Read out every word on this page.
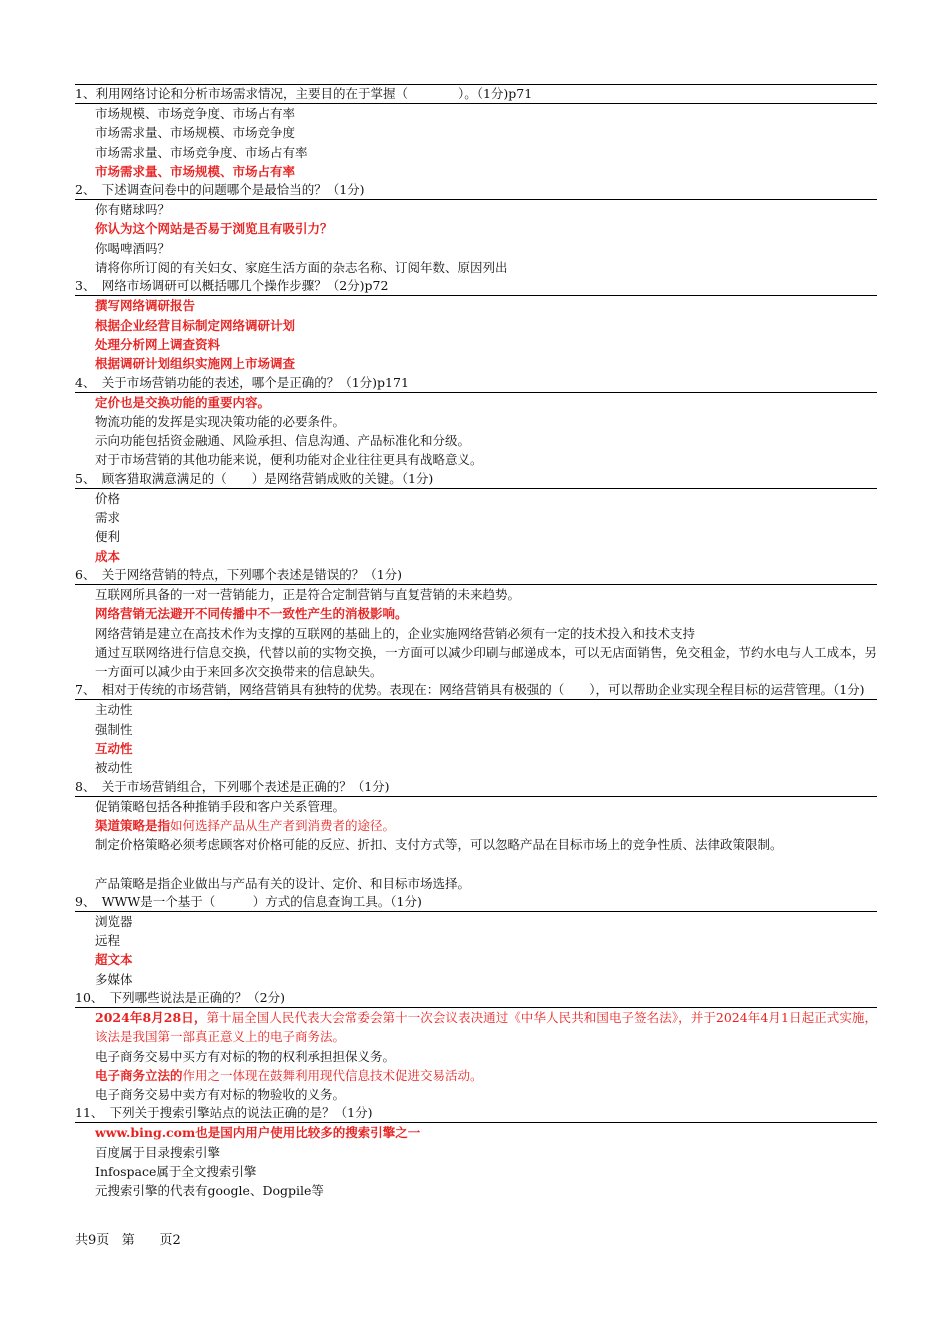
1、利用网络讨论和分析市场需求情况，主要目的在于掌握（　　　　）。（1分)p71
市场规模、市场竞争度、市场占有率
市场需求量、市场规模、市场竞争度
市场需求量、市场竞争度、市场占有率
市场需求量、市场规模、市场占有率
2、　下述调查问卷中的问题哪个是最恰当的？（1分)
你有赌球吗？
你认为这个网站是否易于浏览且有吸引力？
你喝啤酒吗？
请将你所订阅的有关妇女、家庭生活方面的杂志名称、订阅年数、原因列出
3、　网络市场调研可以概括哪几个操作步骤？（2分)p72
撰写网络调研报告
根据企业经营目标制定网络调研计划
处理分析网上调查资料
根据调研计划组织实施网上市场调查
4、　关于市场营销功能的表述，哪个是正确的？（1分)p171
定价也是交换功能的重要内容。
物流功能的发挥是实现决策功能的必要条件。
示向功能包括资金融通、风险承担、信息沟通、产品标准化和分级。
对于市场营销的其他功能来说，便利功能对企业往往更具有战略意义。
5、　顾客猎取满意满足的（　　）是网络营销成败的关键。（1分)
价格
需求
便利
成本
6、　关于网络营销的特点，下列哪个表述是错误的？（1分)
互联网所具备的一对一营销能力，正是符合定制营销与直复营销的未来趋势。
网络营销无法避开不同传播中不一致性产生的消极影响。
网络营销是建立在高技术作为支撑的互联网的基础上的，企业实施网络营销必须有一定的技术投入和技术支持
通过互联网络进行信息交换，代替以前的实物交换，一方面可以减少印刷与邮递成本，可以无店面销售，免交租金，节约水电与人工成本，另一方面可以减少由于来回多次交换带来的信息缺失。
7、　相对于传统的市场营销，网络营销具有独特的优势。表现在：网络营销具有极强的（　　），可以帮助企业实现全程目标的运营管理。（1分)
主动性
强制性
互动性
被动性
8、　关于市场营销组合，下列哪个表述是正确的？（1分)
促销策略包括各种推销手段和客户关系管理。
渠道策略是指如何选择产品从生产者到消费者的途径。
制定价格策略必须考虑顾客对价格可能的反应、折扣、支付方式等，可以忽略产品在目标市场上的竞争性质、法律政策限制。
产品策略是指企业做出与产品有关的设计、定价、和目标市场选择。
9、　WWW是一个基于（　　　）方式的信息查询工具。（1分)
浏览器
远程
超文本
多媒体
10、　下列哪些说法是正确的？（2分)
2024年8月28日，第十届全国人民代表大会常委会第十一次会议表决通过《中华人民共和国电子签名法》，并于2024年4月1日起正式实施，该法是我国第一部真正意义上的电子商务法。
电子商务交易中买方有对标的物的权利承担担保义务。
电子商务立法的作用之一体现在鼓舞利用现代信息技术促进交易活动。
电子商务交易中卖方有对标的物验收的义务。
11、　下列关于搜索引擎站点的说法正确的是？（1分)
www.bing.com也是国内用户使用比较多的搜索引擎之一
百度属于目录搜索引擎
Infospace属于全文搜索引擎
元搜索引擎的代表有google、Dogpile等
共9页 第 页2
